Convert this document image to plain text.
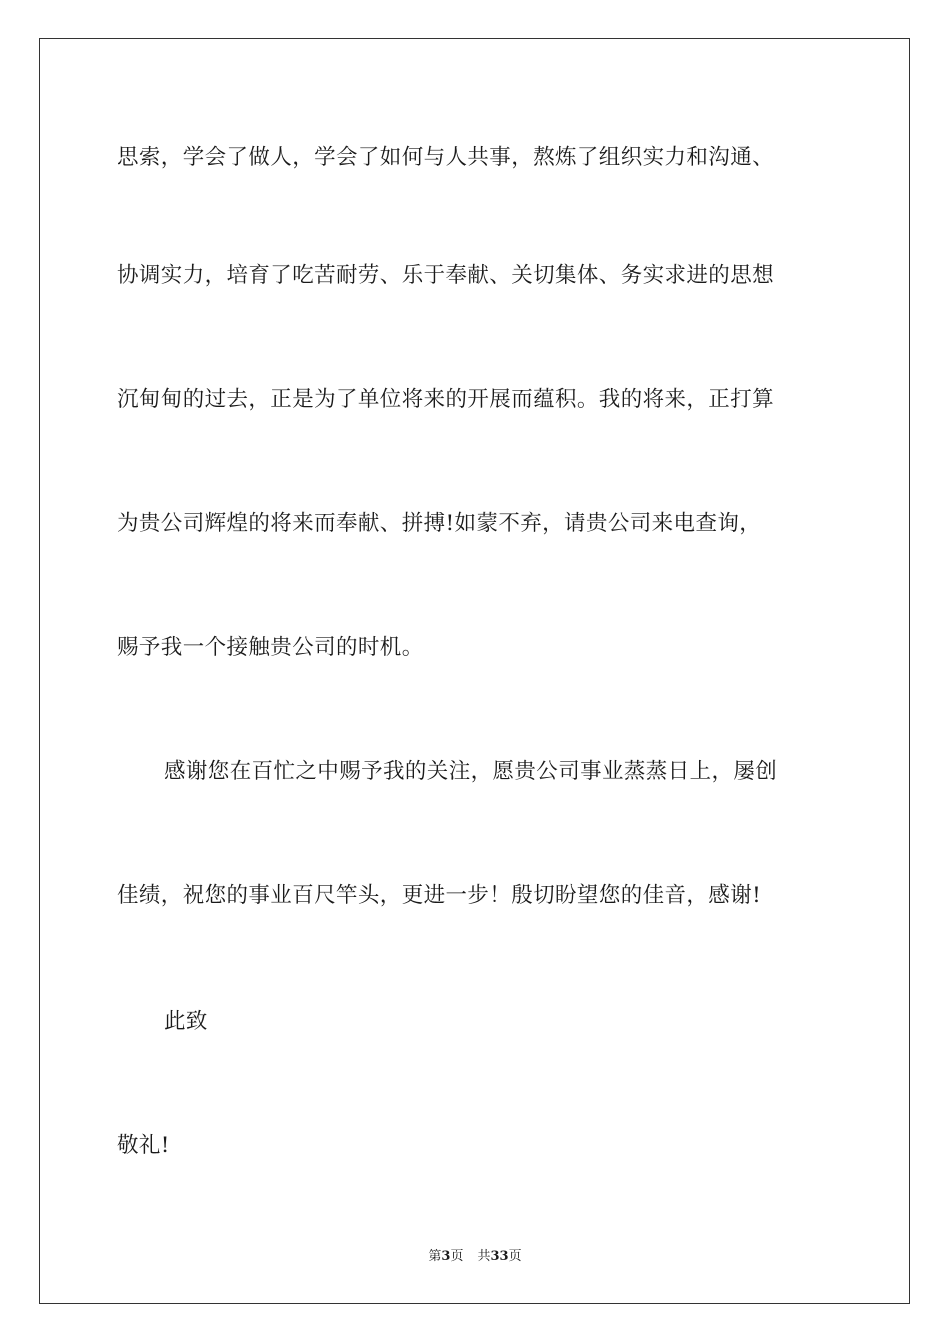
思索，学会了做人，学会了如何与人共事，熬炼了组织实力和沟通、
协调实力，培育了吃苦耐劳、乐于奉献、关切集体、务实求进的思想
沉甸甸的过去，正是为了单位将来的开展而蕴积。我的将来，正打算
为贵公司辉煌的将来而奉献、拼搏!如蒙不弃，请贵公司来电查询，
赐予我一个接触贵公司的时机。
感谢您在百忙之中赐予我的关注，愿贵公司事业蒸蒸日上，屡创
佳绩，祝您的事业百尺竿头，更进一步！殷切盼望您的佳音，感谢!
此致
敬礼!
第3页 共33页
